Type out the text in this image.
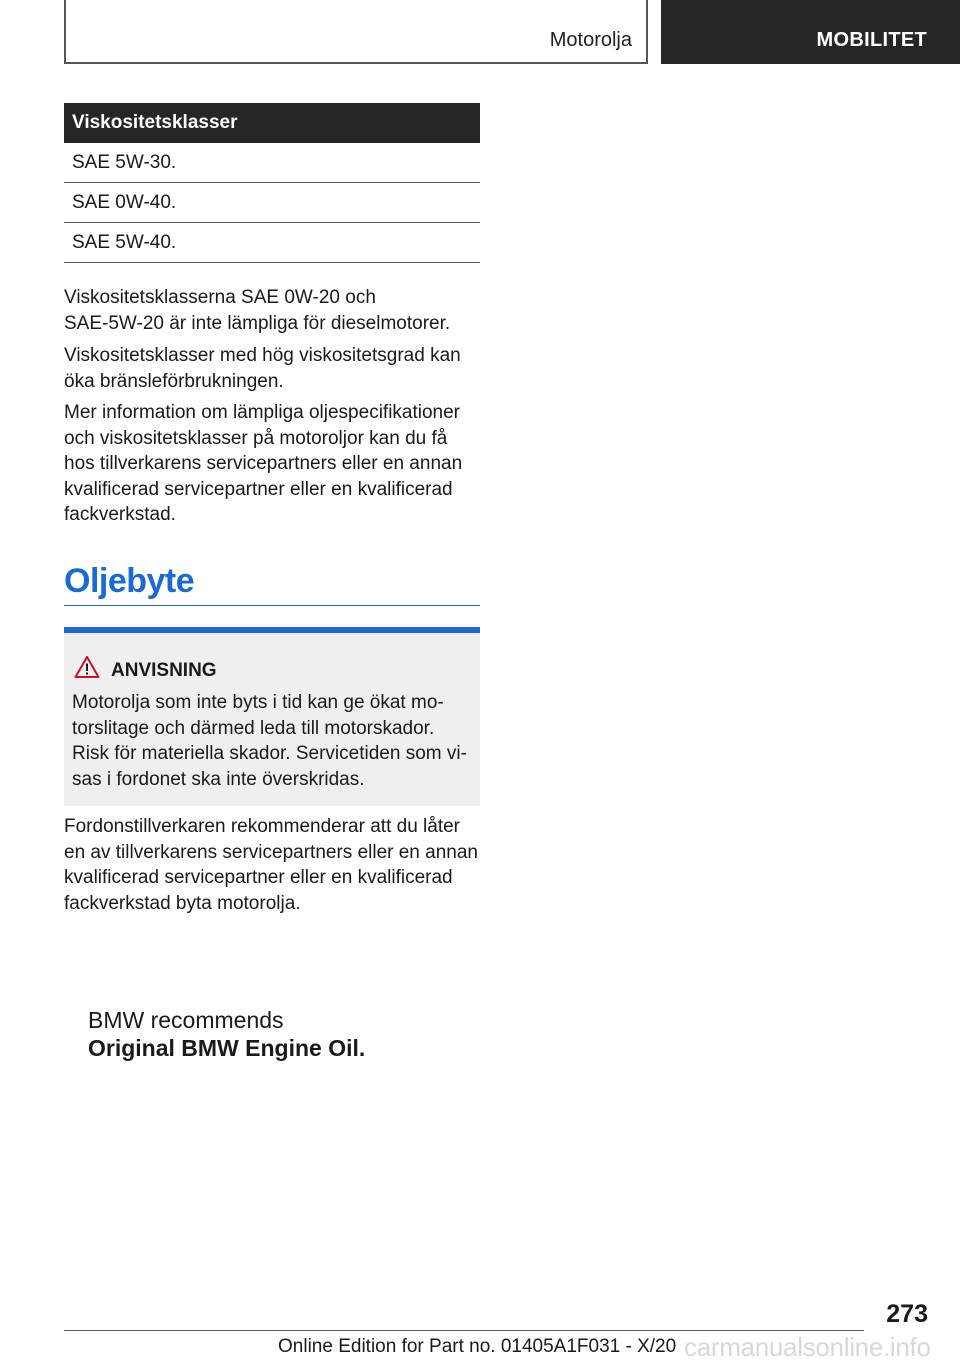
Motorolja	MOBILITET
Viskositetsklasser
SAE 5W-30.
SAE 0W-40.
SAE 5W-40.

Viskositetsklasserna SAE 0W-20 och
SAE-5W-20 är inte lämpliga för dieselmotorer.

Viskositetsklasser med hög viskositetsgrad kan
öka bränsleförbrukningen.

Mer information om lämpliga oljespecifikationer
och viskositetsklasser på motoroljor kan du få
hos tillverkarens servicepartners eller en annan
kvalificerad servicepartner eller en kvalificerad
fackverkstad.

Oljebyte
ANVISNING

Motorolja som inte byts i tid kan ge ökat mo-
torslitage och därmed leda till motorskador.
Risk för materiella skador. Servicetiden som vi-
sas i fordonet ska inte överskridas.

Fordonstillverkaren rekommenderar att du låter
en av tillverkarens servicepartners eller en annan
kvalificerad servicepartner eller en kvalificerad
fackverkstad byta motorolja.

BMW recommends
Original BMW Engine Oil.
273
Online Edition for Part no. 01405A1F031 - X/20 carmanualsonline.info
